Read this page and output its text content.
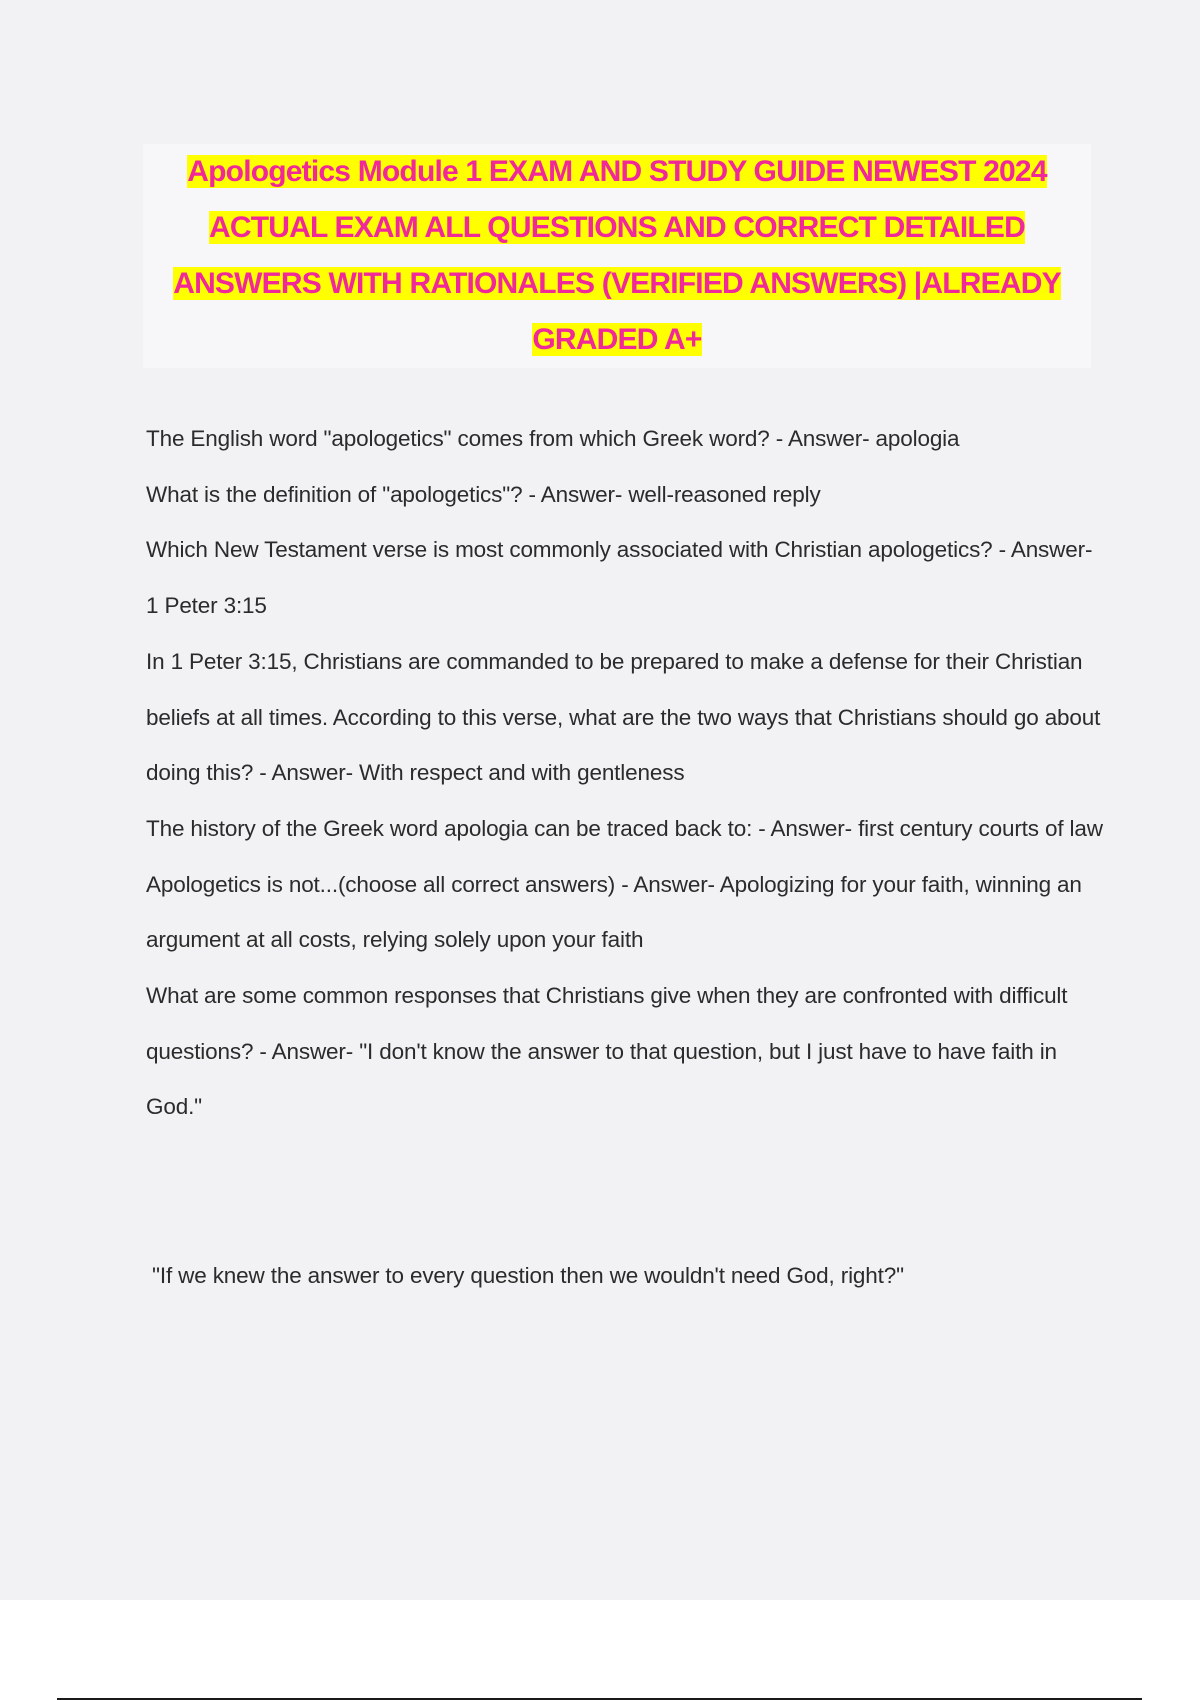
Apologetics Module 1 EXAM AND STUDY GUIDE NEWEST 2024 ACTUAL EXAM ALL QUESTIONS AND CORRECT DETAILED ANSWERS WITH RATIONALES (VERIFIED ANSWERS) |ALREADY GRADED A+

The English word "apologetics" comes from which Greek word? - Answer- apologia

What is the definition of "apologetics"? - Answer- well-reasoned reply

Which New Testament verse is most commonly associated with Christian apologetics? - Answer- 1 Peter 3:15

In 1 Peter 3:15, Christians are commanded to be prepared to make a defense for their Christian beliefs at all times. According to this verse, what are the two ways that Christians should go about doing this? - Answer- With respect and with gentleness

The history of the Greek word apologia can be traced back to: - Answer- first century courts of law

Apologetics is not...(choose all correct answers) - Answer- Apologizing for your faith, winning an argument at all costs, relying solely upon your faith

What are some common responses that Christians give when they are confronted with difficult questions? - Answer- "I don't know the answer to that question, but I just have to have faith in God."

"If we knew the answer to every question then we wouldn't need God, right?"
